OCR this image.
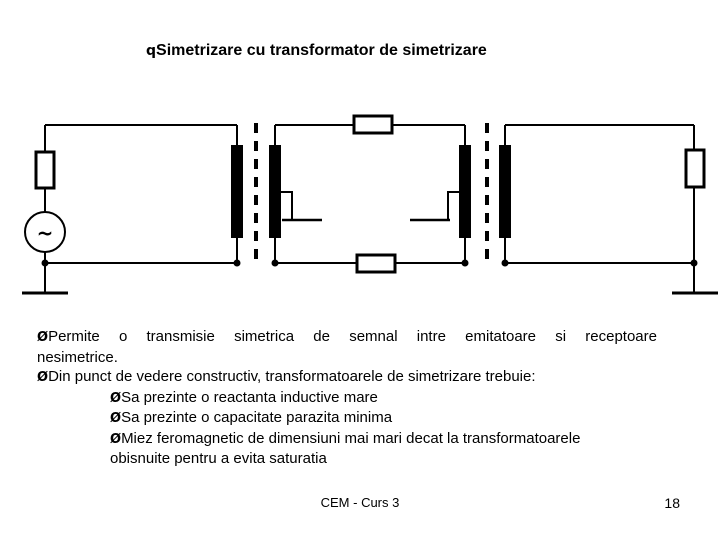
qSimetrizare cu transformator de simetrizare
~

ØPermite o transmisie simetrica de semnal intre emitatoare si receptoare

nesimetrice.

ØDin punct de vedere constructiv, transformatoarele de simetrizare trebuie:

ØSa prezinte o reactanta inductive mare

ØSa prezinte o capacitate parazita minima

ØMiez feromagnetic de dimensiuni mai mari decat la transformatoarele

obisnuite pentru a evita saturatia

CEM - Curs 3	18
